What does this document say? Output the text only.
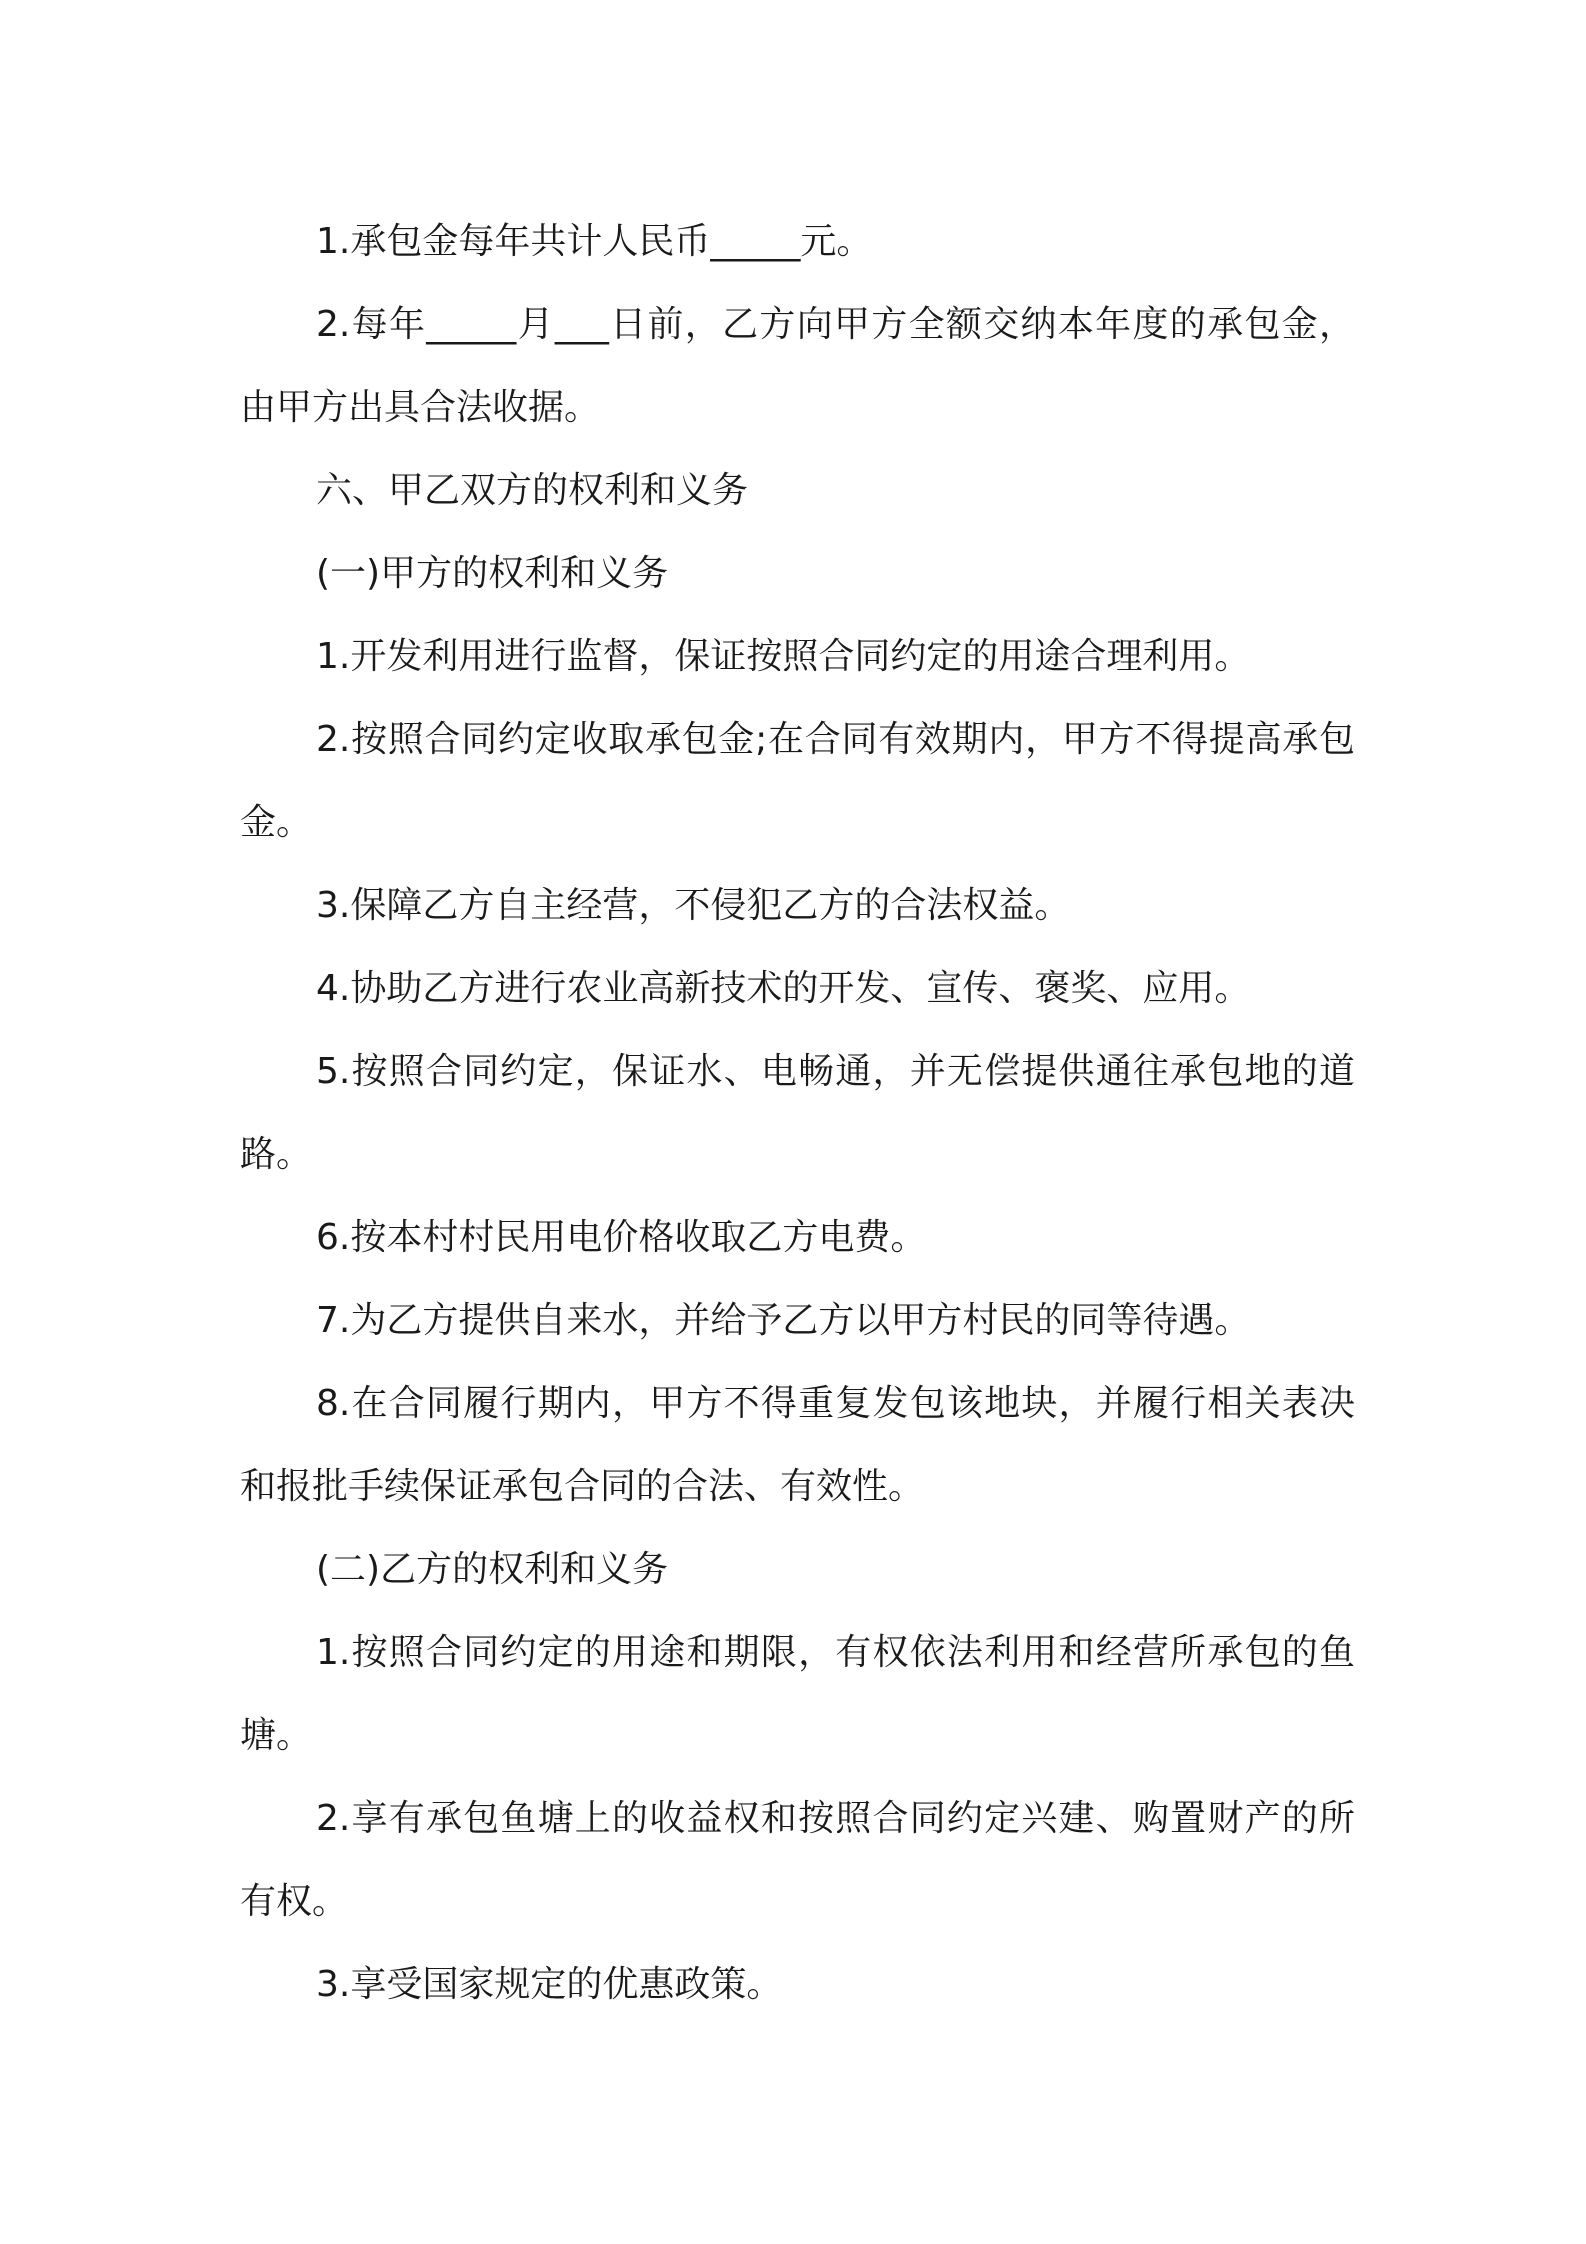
1.承包金每年共计人民币_____元。

2.每年_____月___日前，乙方向甲方全额交纳本年度的承包金，由甲方出具合法收据。

六、甲乙双方的权利和义务

(一)甲方的权利和义务

1.开发利用进行监督，保证按照合同约定的用途合理利用。

2.按照合同约定收取承包金;在合同有效期内，甲方不得提高承包金。

3.保障乙方自主经营，不侵犯乙方的合法权益。

4.协助乙方进行农业高新技术的开发、宣传、褒奖、应用。

5.按照合同约定，保证水、电畅通，并无偿提供通往承包地的道路。

6.按本村村民用电价格收取乙方电费。

7.为乙方提供自来水，并给予乙方以甲方村民的同等待遇。

8.在合同履行期内，甲方不得重复发包该地块，并履行相关表决和报批手续保证承包合同的合法、有效性。

(二)乙方的权利和义务

1.按照合同约定的用途和期限，有权依法利用和经营所承包的鱼塘。

2.享有承包鱼塘上的收益权和按照合同约定兴建、购置财产的所有权。

3.享受国家规定的优惠政策。
